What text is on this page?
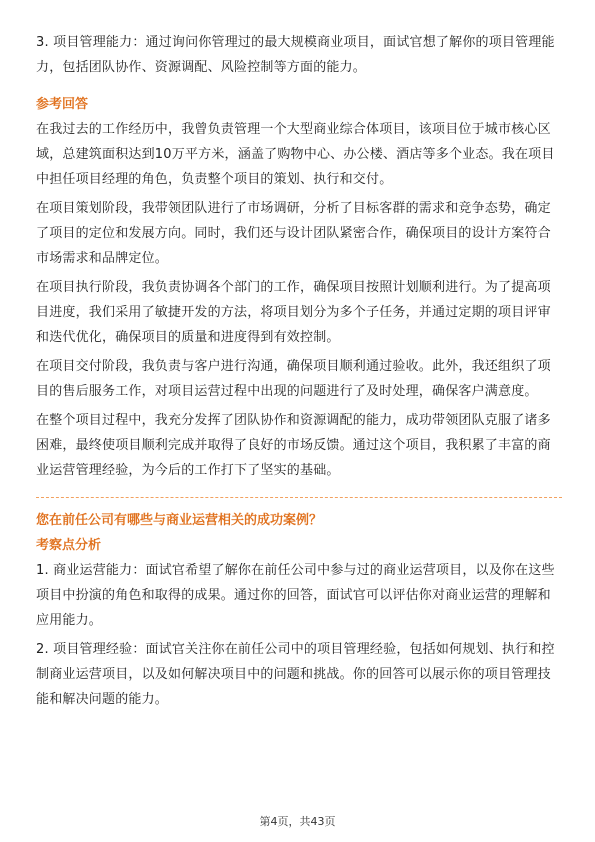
3. 项目管理能力：通过询问你管理过的最大规模商业项目，面试官想了解你的项目管理能力，包括团队协作、资源调配、风险控制等方面的能力。

参考回答

在我过去的工作经历中，我曾负责管理一个大型商业综合体项目，该项目位于城市核心区域，总建筑面积达到10万平方米，涵盖了购物中心、办公楼、酒店等多个业态。我在项目中担任项目经理的角色，负责整个项目的策划、执行和交付。

在项目策划阶段，我带领团队进行了市场调研，分析了目标客群的需求和竞争态势，确定了项目的定位和发展方向。同时，我们还与设计团队紧密合作，确保项目的设计方案符合市场需求和品牌定位。

在项目执行阶段，我负责协调各个部门的工作，确保项目按照计划顺利进行。为了提高项目进度，我们采用了敏捷开发的方法，将项目划分为多个子任务，并通过定期的项目评审和迭代优化，确保项目的质量和进度得到有效控制。

在项目交付阶段，我负责与客户进行沟通，确保项目顺利通过验收。此外，我还组织了项目的售后服务工作，对项目运营过程中出现的问题进行了及时处理，确保客户满意度。

在整个项目过程中，我充分发挥了团队协作和资源调配的能力，成功带领团队克服了诸多困难，最终使项目顺利完成并取得了良好的市场反馈。通过这个项目，我积累了丰富的商业运营管理经验，为今后的工作打下了坚实的基础。

您在前任公司有哪些与商业运营相关的成功案例？
考察点分析

1. 商业运营能力：面试官希望了解你在前任公司中参与过的商业运营项目，以及你在这些项目中扮演的角色和取得的成果。通过你的回答，面试官可以评估你对商业运营的理解和应用能力。

2. 项目管理经验：面试官关注你在前任公司中的项目管理经验，包括如何规划、执行和控制商业运营项目，以及如何解决项目中的问题和挑战。你的回答可以展示你的项目管理技能和解决问题的能力。

第4页，共43页
